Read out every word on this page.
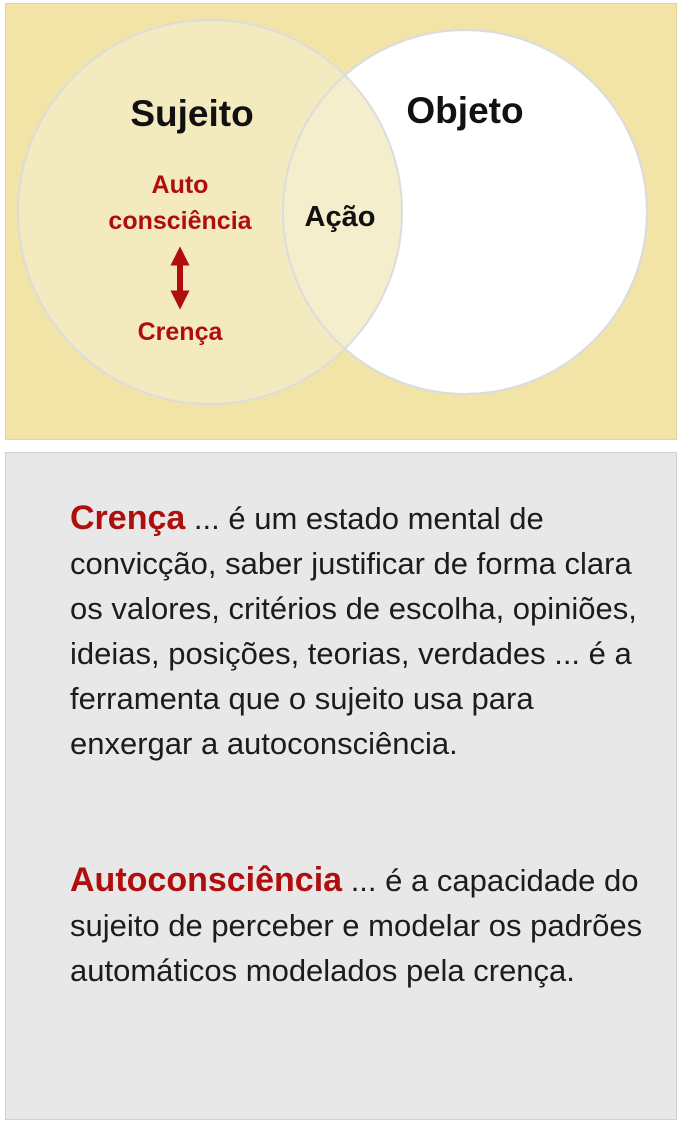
Sujeito	Objeto
Ação
Auto
consciência
Crença

Crença ... é um estado mental de convicção, saber justificar de forma clara os valores, critérios de escolha, opiniões, ideias, posições, teorias, verdades ... é a ferramenta que o sujeito usa para enxergar a autoconsciência.

Autoconsciência ... é a capacidade do sujeito de perceber e modelar os padrões automáticos modelados pela crença.
